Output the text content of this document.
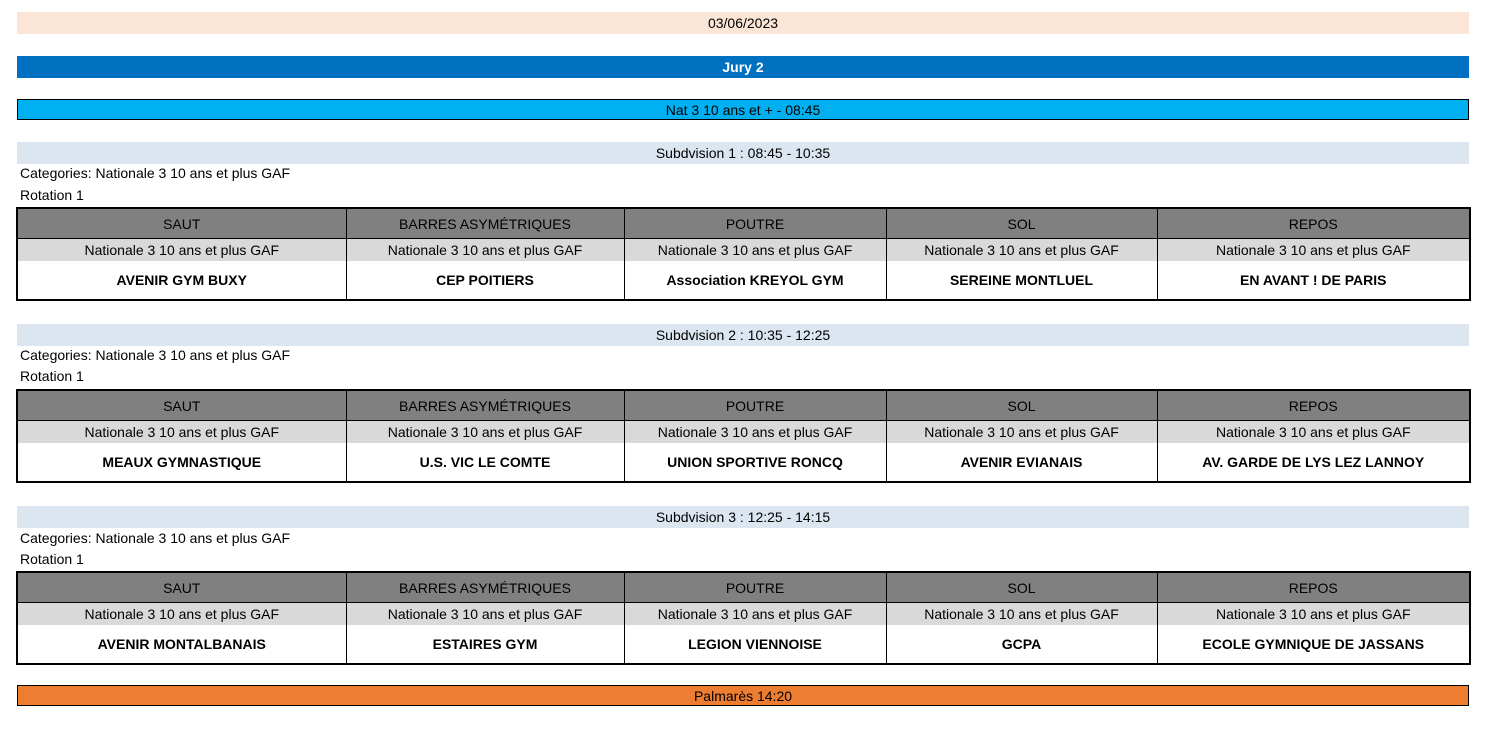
03/06/2023
Jury 2
Nat 3 10 ans et + - 08:45
Subdvision 1 : 08:45 - 10:35
Categories: Nationale 3 10 ans et plus GAF
Rotation 1
SAUT	BARRES ASYMÉTRIQUES	POUTRE	SOL	REPOS
Nationale 3 10 ans et plus GAF	Nationale 3 10 ans et plus GAF	Nationale 3 10 ans et plus GAF	Nationale 3 10 ans et plus GAF	Nationale 3 10 ans et plus GAF
AVENIR GYM BUXY	CEP POITIERS	Association KREYOL GYM	SEREINE MONTLUEL	EN AVANT ! DE PARIS
Subdvision 2 : 10:35 - 12:25
Categories: Nationale 3 10 ans et plus GAF
Rotation 1
SAUT	BARRES ASYMÉTRIQUES	POUTRE	SOL	REPOS
Nationale 3 10 ans et plus GAF	Nationale 3 10 ans et plus GAF	Nationale 3 10 ans et plus GAF	Nationale 3 10 ans et plus GAF	Nationale 3 10 ans et plus GAF
MEAUX GYMNASTIQUE	U.S. VIC LE COMTE	UNION SPORTIVE RONCQ	AVENIR EVIANAIS	AV. GARDE DE LYS LEZ LANNOY
Subdvision 3 : 12:25 - 14:15
Categories: Nationale 3 10 ans et plus GAF
Rotation 1
SAUT	BARRES ASYMÉTRIQUES	POUTRE	SOL	REPOS
Nationale 3 10 ans et plus GAF	Nationale 3 10 ans et plus GAF	Nationale 3 10 ans et plus GAF	Nationale 3 10 ans et plus GAF	Nationale 3 10 ans et plus GAF
AVENIR MONTALBANAIS	ESTAIRES GYM	LEGION VIENNOISE	GCPA	ECOLE GYMNIQUE DE JASSANS
Palmarès 14:20
